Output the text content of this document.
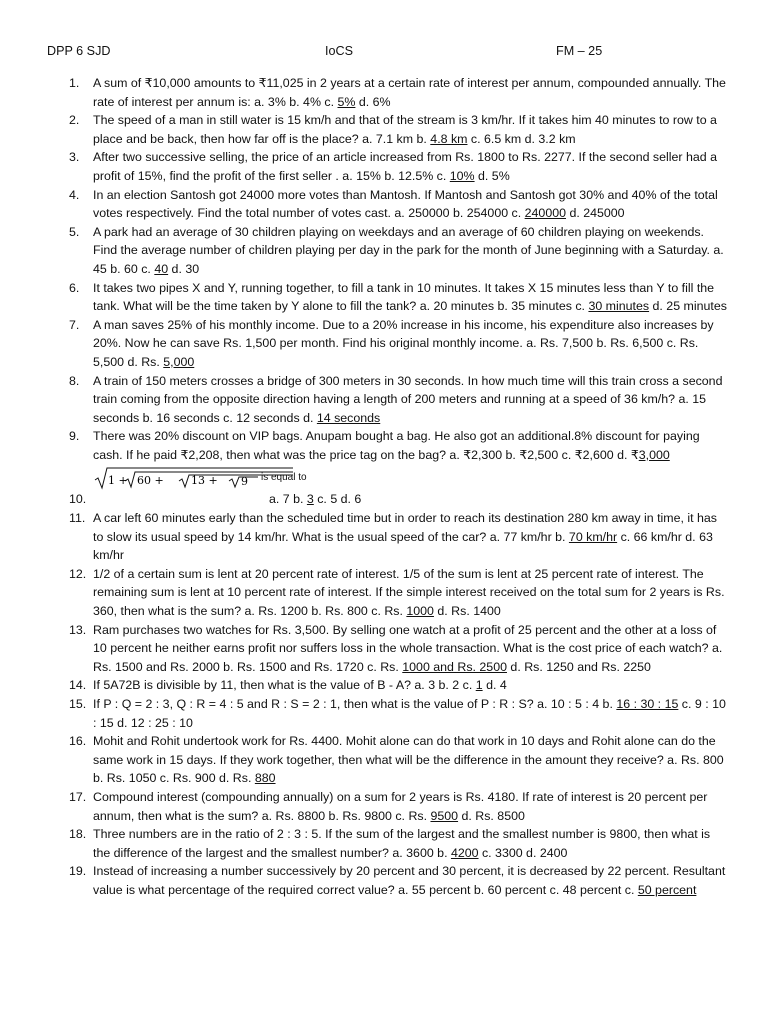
DPP 6 SJD	IoCS	FM – 25
1.	A sum of ₹10,000 amounts to ₹11,025 in 2 years at a certain rate of interest per annum, compounded annually. The rate of interest per annum is: a. 3% b. 4% c. 5% d. 6%
2.	The speed of a man in still water is 15 km/h and that of the stream is 3 km/hr. If it takes him 40 minutes to row to a place and be back, then how far off is the place? a. 7.1 km b. 4.8 km c. 6.5 km d. 3.2 km
3.	After two successive selling, the price of an article increased from Rs. 1800 to Rs. 2277. If the second seller had a profit of 15%, find the profit of the first seller . a. 15% b. 12.5% c. 10% d. 5%
4.	In an election Santosh got 24000 more votes than Mantosh. If Mantosh and Santosh got 30% and 40% of the total votes respectively. Find the total number of votes cast. a. 250000 b. 254000 c. 240000 d. 245000
5.	A park had an average of 30 children playing on weekdays and an average of 60 children playing on weekends. Find the average number of children playing per day in the park for the month of June beginning with a Saturday. a. 45 b. 60 c. 40 d. 30
6.	It takes two pipes X and Y, running together, to fill a tank in 10 minutes. It takes X 15 minutes less than Y to fill the tank. What will be the time taken by Y alone to fill the tank? a. 20 minutes b. 35 minutes c. 30 minutes d. 25 minutes
7.	A man saves 25% of his monthly income. Due to a 20% increase in his income, his expenditure also increases by 20%. Now he can save Rs. 1,500 per month. Find his original monthly income. a. Rs. 7,500 b. Rs. 6,500 c. Rs. 5,500 d. Rs. 5,000
8.	A train of 150 meters crosses a bridge of 300 meters in 30 seconds. In how much time will this train cross a second train coming from the opposite direction having a length of 200 meters and running at a speed of 36 km/h? a. 15 seconds b. 16 seconds c. 12 seconds d. 14 seconds
9.	There was 20% discount on VIP bags. Anupam bought a bag. He also got an additional.8% discount for paying cash. If he paid ₹2,208, then what was the price tag on the bag? a. ₹2,300 b. ₹2,500 c. ₹2,600 d. ₹3,000
10.
1 + 60 + 13 + 9 is equal to
a. 7 b. 3 c. 5 d. 6
11. A car left 60 minutes early than the scheduled time but in order to reach its destination 280 km away in time, it has to slow its usual speed by 14 km/hr. What is the usual speed of the car? a. 77 km/hr b. 70 km/hr c. 66 km/hr d. 63 km/hr
12. 1/2 of a certain sum is lent at 20 percent rate of interest. 1/5 of the sum is lent at 25 percent rate of interest. The remaining sum is lent at 10 percent rate of interest. If the simple interest received on the total sum for 2 years is Rs. 360, then what is the sum? a. Rs. 1200 b. Rs. 800 c. Rs. 1000 d. Rs. 1400
13. Ram purchases two watches for Rs. 3,500. By selling one watch at a profit of 25 percent and the other at a loss of 10 percent he neither earns profit nor suffers loss in the whole transaction. What is the cost price of each watch? a. Rs. 1500 and Rs. 2000 b. Rs. 1500 and Rs. 1720 c. Rs. 1000 and Rs. 2500 d. Rs. 1250 and Rs. 2250
14. If 5A72B is divisible by 11, then what is the value of B - A? a. 3 b. 2 c. 1 d. 4
15. If P : Q = 2 : 3, Q : R = 4 : 5 and R : S = 2 : 1, then what is the value of P : R : S? a. 10 : 5 : 4 b. 16 : 30 : 15 c. 9 : 10 : 15 d. 12 : 25 : 10
16. Mohit and Rohit undertook work for Rs. 4400. Mohit alone can do that work in 10 days and Rohit alone can do the same work in 15 days. If they work together, then what will be the difference in the amount they receive? a. Rs. 800 b. Rs. 1050 c. Rs. 900 d. Rs. 880
17. Compound interest (compounding annually) on a sum for 2 years is Rs. 4180. If rate of interest is 20 percent per annum, then what is the sum? a. Rs. 8800 b. Rs. 9800 c. Rs. 9500 d. Rs. 8500
18. Three numbers are in the ratio of 2 : 3 : 5. If the sum of the largest and the smallest number is 9800, then what is the difference of the largest and the smallest number? a. 3600 b. 4200 c. 3300 d. 2400
19. Instead of increasing a number successively by 20 percent and 30 percent, it is decreased by 22 percent. Resultant value is what percentage of the required correct value? a. 55 percent b. 60 percent c. 48 percent c. 50 percent
